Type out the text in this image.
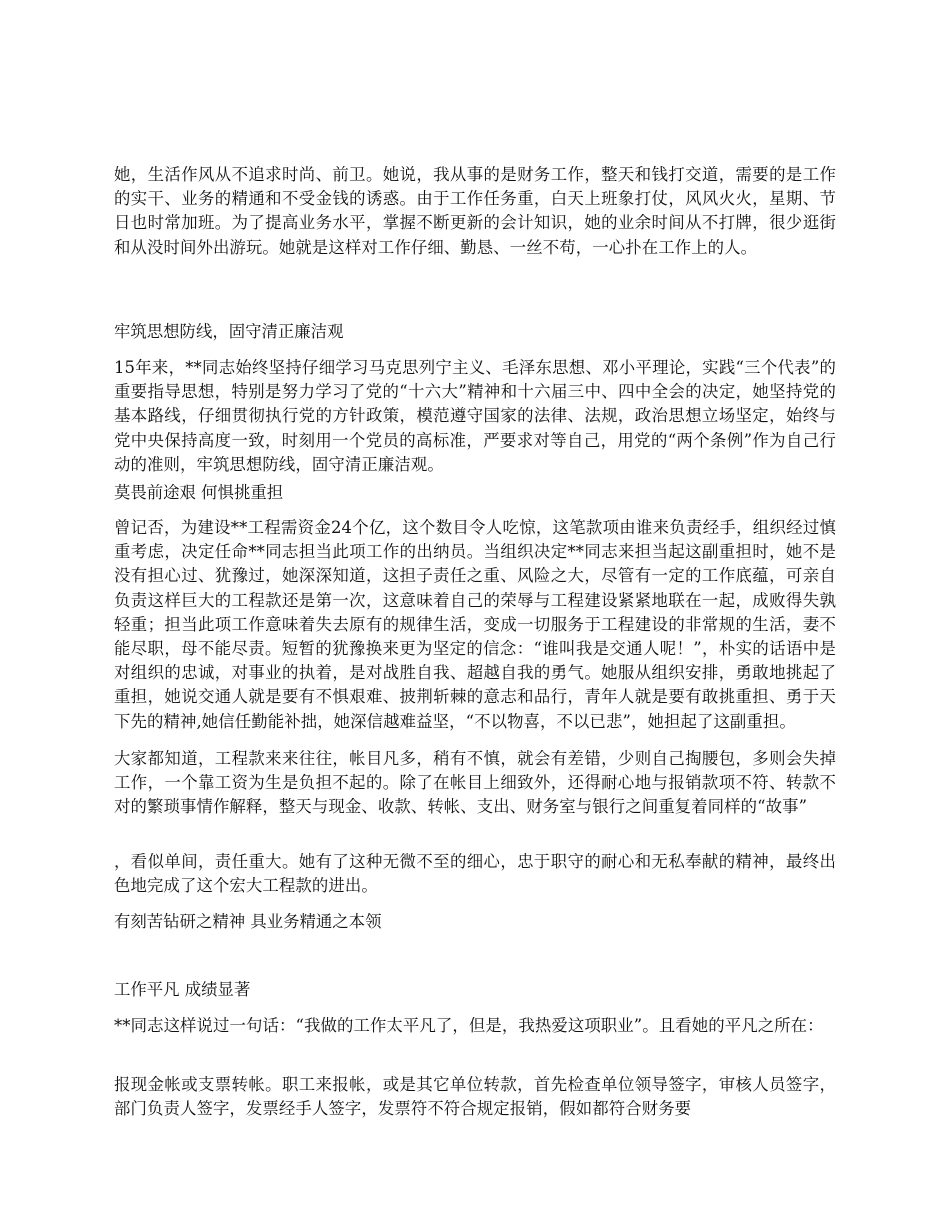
她，生活作风从不追求时尚、前卫。她说，我从事的是财务工作，整天和钱打交道，需要的是工作的实干、业务的精通和不受金钱的诱惑。由于工作任务重，白天上班象打仗，风风火火，星期、节日也时常加班。为了提高业务水平，掌握不断更新的会计知识，她的业余时间从不打牌，很少逛街和从没时间外出游玩。她就是这样对工作仔细、勤恳、一丝不苟，一心扑在工作上的人。

牢筑思想防线，固守清正廉洁观

15年来，**同志始终坚持仔细学习马克思列宁主义、毛泽东思想、邓小平理论，实践“三个代表”的重要指导思想，特别是努力学习了党的“十六大”精神和十六届三中、四中全会的决定，她坚持党的基本路线，仔细贯彻执行党的方针政策，模范遵守国家的法律、法规，政治思想立场坚定，始终与党中央保持高度一致，时刻用一个党员的高标准，严要求对等自己，用党的“两个条例”作为自己行动的准则，牢筑思想防线，固守清正廉洁观。

莫畏前途艰 何惧挑重担

曾记否，为建设**工程需资金24个亿，这个数目令人吃惊，这笔款项由谁来负责经手，组织经过慎重考虑，决定任命**同志担当此项工作的出纳员。当组织决定**同志来担当起这副重担时，她不是没有担心过、犹豫过，她深深知道，这担子责任之重、风险之大，尽管有一定的工作底蕴，可亲自负责这样巨大的工程款还是第一次，这意味着自己的荣辱与工程建设紧紧地联在一起，成败得失孰轻重；担当此项工作意味着失去原有的规律生活，变成一切服务于工程建设的非常规的生活，妻不能尽职，母不能尽责。短暂的犹豫换来更为坚定的信念：“谁叫我是交通人呢！”，朴实的话语中是对组织的忠诚，对事业的执着，是对战胜自我、超越自我的勇气。她服从组织安排，勇敢地挑起了重担，她说交通人就是要有不惧艰难、披荆斩棘的意志和品行，青年人就是要有敢挑重担、勇于天下先的精神,她信任勤能补拙，她深信越难益坚，“不以物喜，不以已悲”，她担起了这副重担。

大家都知道，工程款来来往往，帐目凡多，稍有不慎，就会有差错，少则自己掏腰包，多则会失掉工作，一个靠工资为生是负担不起的。除了在帐目上细致外，还得耐心地与报销款项不符、转款不对的繁琐事情作解释，整天与现金、收款、转帐、支出、财务室与银行之间重复着同样的“故事”

，看似单间，责任重大。她有了这种无微不至的细心，忠于职守的耐心和无私奉献的精神，最终出色地完成了这个宏大工程款的进出。

有刻苦钻研之精神 具业务精通之本领

工作平凡 成绩显著

**同志这样说过一句话：“我做的工作太平凡了，但是，我热爱这项职业”。且看她的平凡之所在：

报现金帐或支票转帐。职工来报帐，或是其它单位转款，首先检查单位领导签字，审核人员签字，部门负责人签字，发票经手人签字，发票符不符合规定报销，假如都符合财务要
